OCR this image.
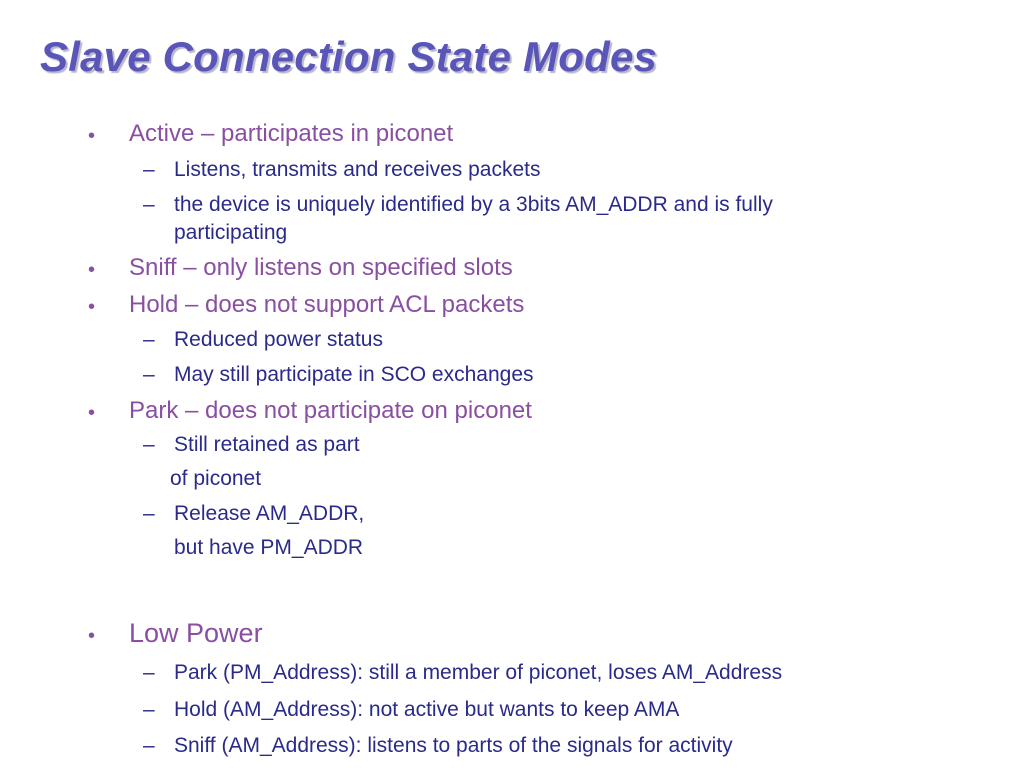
Slave Connection State Modes
• Active – participates in piconet
– Listens, transmits and receives packets
– the device is uniquely identified by a 3bits AM_ADDR and is fully
participating
• Sniff – only listens on specified slots
• Hold – does not support ACL packets
– Reduced power status
– May still participate in SCO exchanges
• Park – does not participate on piconet
– Still retained as part
of piconet
– Release AM_ADDR,
but have PM_ADDR
• Low Power
– Park (PM_Address): still a member of piconet, loses AM_Address
– Hold (AM_Address): not active but wants to keep AMA
– Sniff (AM_Address): listens to parts of the signals for activity
